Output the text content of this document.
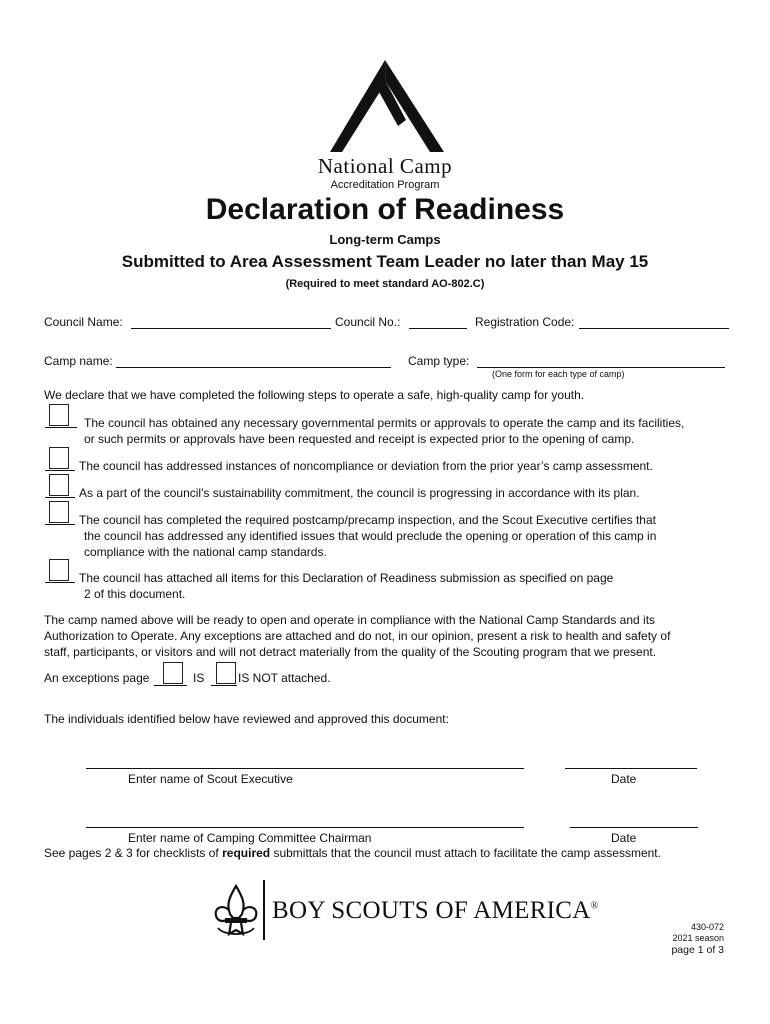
National Camp
Accreditation Program
Declaration of Readiness
Long-term Camps
Submitted to Area Assessment Team Leader no later than May 15
(Required to meet standard AO-802.C)
Council Name:	Council No.:	Registration Code:
Camp name:	Camp type:
(One form for each type of camp)
We declare that we have completed the following steps to operate a safe, high-quality camp for youth.
The council has obtained any necessary governmental permits or approvals to operate the camp and its facilities,
or such permits or approvals have been requested and receipt is expected prior to the opening of camp.
The council has addressed instances of noncompliance or deviation from the prior year’s camp assessment.
As a part of the council's sustainability commitment, the council is progressing in accordance with its plan.
The council has completed the required postcamp/precamp inspection, and the Scout Executive certifies that
the council has addressed any identified issues that would preclude the opening or operation of this camp in
compliance with the national camp standards.
The council has attached all items for this Declaration of Readiness submission as specified on page
2 of this document.
The camp named above will be ready to open and operate in compliance with the National Camp Standards and its
Authorization to Operate. Any exceptions are attached and do not, in our opinion, present a risk to health and safety of
staff, participants, or visitors and will not detract materially from the quality of the Scouting program that we present.
An exceptions page	IS	IS NOT attached.
The individuals identified below have reviewed and approved this document:
Enter name of Scout Executive	Date
Enter name of Camping Committee Chairman	Date
See pages 2 & 3 for checklists of required submittals that the council must attach to facilitate the camp assessment.
BOY SCOUTS OF AMERICA®
430-072
2021 season
page 1 of 3
